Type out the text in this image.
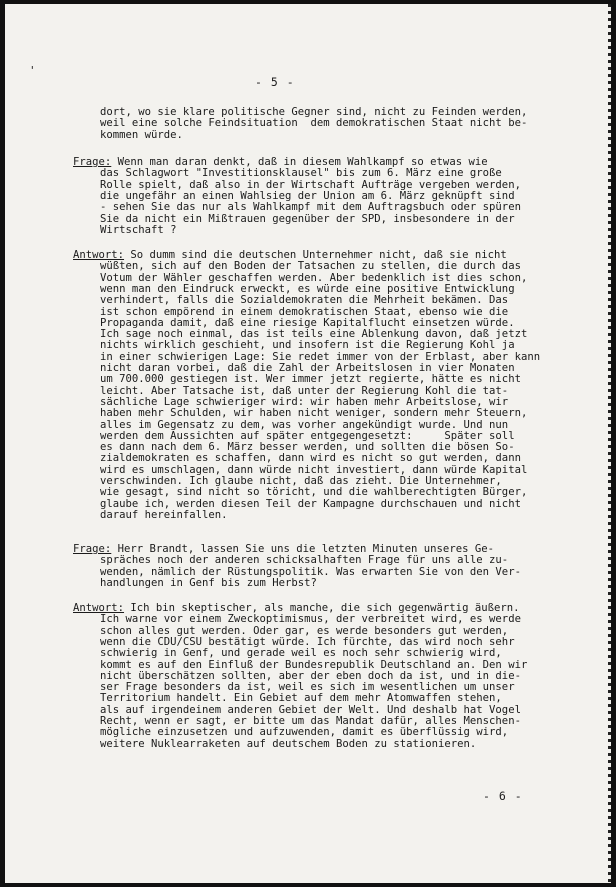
'
- 5 -
dort, wo sie klare politische Gegner sind, nicht zu Feinden werden,
weil eine solche Feindsituation  dem demokratischen Staat nicht be-
kommen würde.
Frage: Wenn man daran denkt, daß in diesem Wahlkampf so etwas wie
das Schlagwort "Investitionsklausel" bis zum 6. März eine große
Rolle spielt, daß also in der Wirtschaft Aufträge vergeben werden,
die ungefähr an einen Wahlsieg der Union am 6. März geknüpft sind
- sehen Sie das nur als Wahlkampf mit dem Auftragsbuch oder spüren
Sie da nicht ein Mißtrauen gegenüber der SPD, insbesondere in der
Wirtschaft ?
Antwort: So dumm sind die deutschen Unternehmer nicht, daß sie nicht
wüßten, sich auf den Boden der Tatsachen zu stellen, die durch das
Votum der Wähler geschaffen werden. Aber bedenklich ist dies schon,
wenn man den Eindruck erweckt, es würde eine positive Entwicklung
verhindert, falls die Sozialdemokraten die Mehrheit bekämen. Das
ist schon empörend in einem demokratischen Staat, ebenso wie die
Propaganda damit, daß eine riesige Kapitalflucht einsetzen würde.
Ich sage noch einmal, das ist teils eine Ablenkung davon, daß jetzt
nichts wirklich geschieht, und insofern ist die Regierung Kohl ja
in einer schwierigen Lage: Sie redet immer von der Erblast, aber kann
nicht daran vorbei, daß die Zahl der Arbeitslosen in vier Monaten
um 700.000 gestiegen ist. Wer immer jetzt regierte, hätte es nicht
leicht. Aber Tatsache ist, daß unter der Regierung Kohl die tat-
sächliche Lage schwieriger wird: wir haben mehr Arbeitslose, wir
haben mehr Schulden, wir haben nicht weniger, sondern mehr Steuern,
alles im Gegensatz zu dem, was vorher angekündigt wurde. Und nun
werden dem Aussichten auf später entgegengesetzt:     Später soll
es dann nach dem 6. März besser werden, und sollten die bösen So-
zialdemokraten es schaffen, dann wird es nicht so gut werden, dann
wird es umschlagen, dann würde nicht investiert, dann würde Kapital
verschwinden. Ich glaube nicht, daß das zieht. Die Unternehmer,
wie gesagt, sind nicht so töricht, und die wahlberechtigten Bürger,
glaube ich, werden diesen Teil der Kampagne durchschauen und nicht
darauf hereinfallen.
Frage: Herr Brandt, lassen Sie uns die letzten Minuten unseres Ge-
spräches noch der anderen schicksalhaften Frage für uns alle zu-
wenden, nämlich der Rüstungspolitik. Was erwarten Sie von den Ver-
handlungen in Genf bis zum Herbst?
Antwort: Ich bin skeptischer, als manche, die sich gegenwärtig äußern.
Ich warne vor einem Zweckoptimismus, der verbreitet wird, es werde
schon alles gut werden. Oder gar, es werde besonders gut werden,
wenn die CDU/CSU bestätigt würde. Ich fürchte, das wird noch sehr
schwierig in Genf, und gerade weil es noch sehr schwierig wird,
kommt es auf den Einfluß der Bundesrepublik Deutschland an. Den wir
nicht überschätzen sollten, aber der eben doch da ist, und in die-
ser Frage besonders da ist, weil es sich im wesentlichen um unser
Territorium handelt. Ein Gebiet auf dem mehr Atomwaffen stehen,
als auf irgendeinem anderen Gebiet der Welt. Und deshalb hat Vogel
Recht, wenn er sagt, er bitte um das Mandat dafür, alles Menschen-
mögliche einzusetzen und aufzuwenden, damit es überflüssig wird,
weitere Nuklearraketen auf deutschem Boden zu stationieren.
- 6 -
